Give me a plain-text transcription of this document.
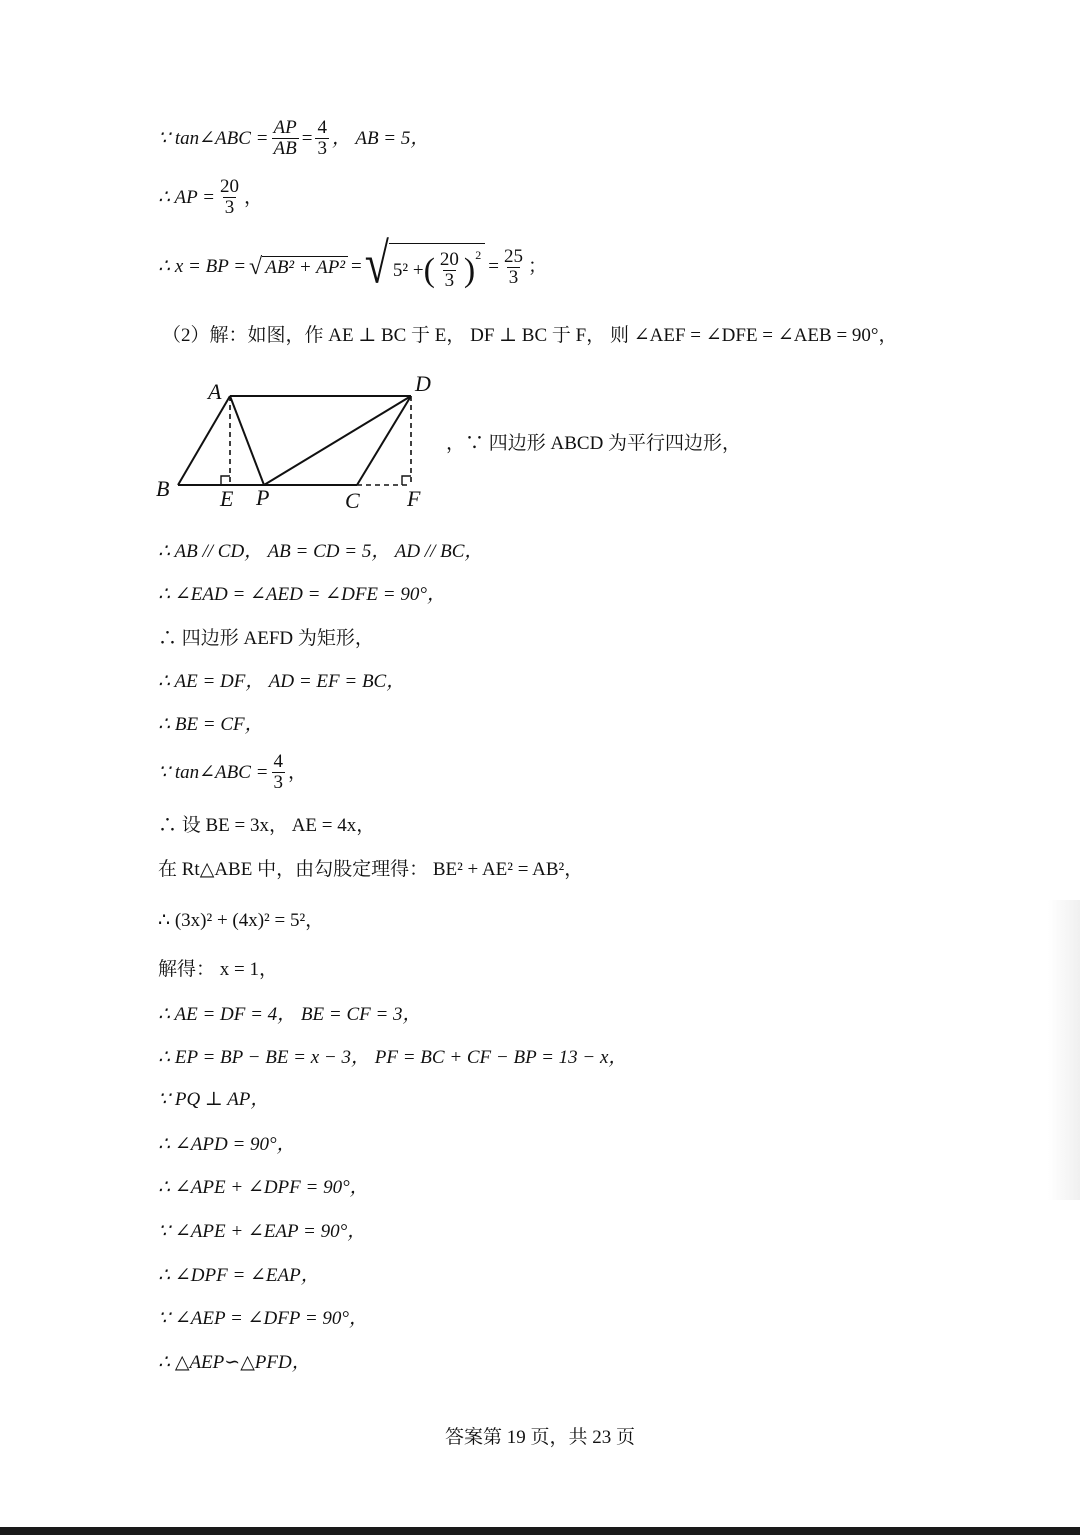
∵ tan∠ABC = $\frac{AP}{AB} = \frac{4}{3}$ ， AB = 5，
∴ AP = $\frac{20}{3}$ ，
∴ x = BP = √ AB² + AP² = √ 5² + ( $\frac{20}{3} )^2$
= $\frac{25}{3}$ ；
（2）解：如图，作 AE ⊥ BC 于 E， DF ⊥ BC 于 F， 则 ∠AEF = ∠DFE = ∠AEB = 90°，
A	D
B E P	C F
，∵ 四边形 ABCD 为平行四边形，
∴ AB // CD， AB = CD = 5， AD // BC，
∴ ∠EAD = ∠AED = ∠DFE = 90°，
∴ 四边形 AEFD 为矩形，
∴ AE = DF， AD = EF = BC，
∴ BE = CF，
∵ tan∠ABC = $\frac{4}{3}$ ，
∴ 设 BE = 3x， AE = 4x，
在 Rt△ABE 中，由勾股定理得： BE² + AE² = AB²，
∴ (3x)² + (4x)² = 5²，
解得： x = 1，
∴ AE = DF = 4， BE = CF = 3，
∴ EP = BP − BE = x − 3， PF = BC + CF − BP = 13 − x，
∵ PQ ⊥ AP，
∴ ∠APD = 90°，
∴ ∠APE + ∠DPF = 90°，
∵ ∠APE + ∠EAP = 90°，
∴ ∠DPF = ∠EAP，
∵ ∠AEP = ∠DFP = 90°，
∴ △AEP∽△PFD，
答案第 19 页，共 23 页
